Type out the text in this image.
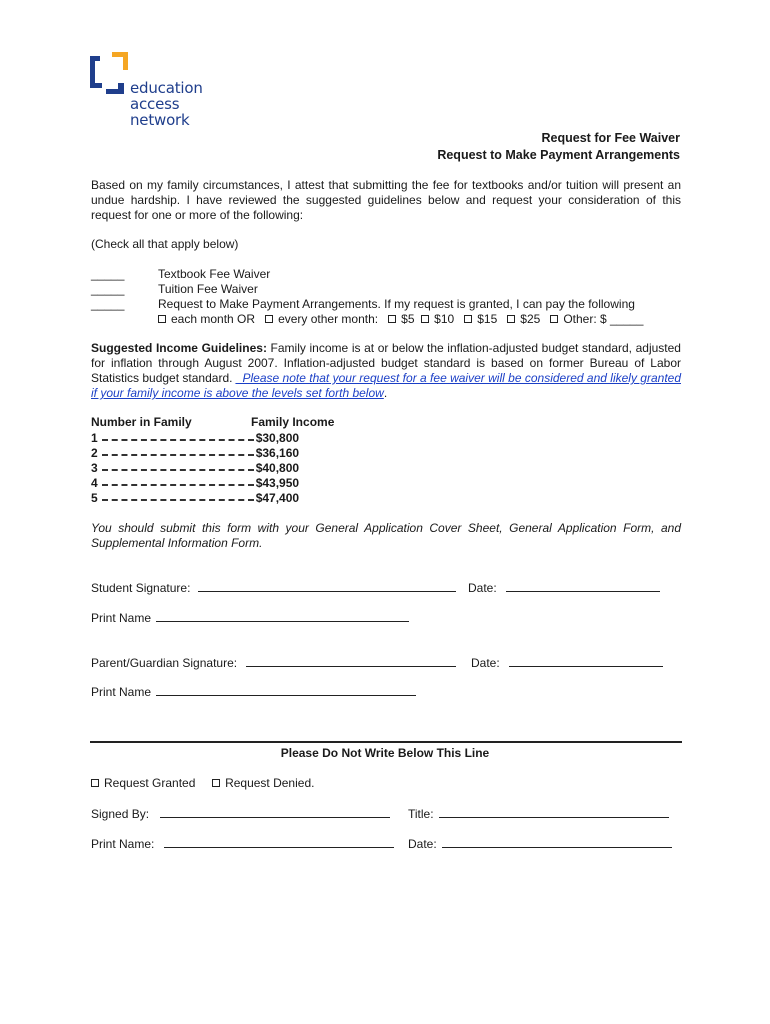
education
access
network
Request for Fee Waiver
Request to Make Payment Arrangements
Based on my family circumstances, I attest that submitting the fee for textbooks and/or tuition will present an undue hardship. I have reviewed the suggested guidelines below and request your consideration of this request for one or more of the following:
(Check all that apply below)
_____	Textbook Fee Waiver
_____	Tuition Fee Waiver
_____	Request to Make Payment Arrangements. If my request is granted, I can pay the following
each month OR every other month: $5 $10 $15 $25 Other: $ _____
Suggested Income Guidelines: Family income is at or below the inflation-adjusted budget standard, adjusted for inflation through August 2007. Inflation-adjusted budget standard is based on former Bureau of Labor Statistics budget standard. _Please note that your request for a fee waiver will be considered and likely granted if your family income is above the levels set forth below.
Number in Family	Family Income
1	$30,800
2	$36,160
3	$40,800
4	$43,950
5	$47,400
You should submit this form with your General Application Cover Sheet, General Application Form, and Supplemental Information Form.
Student Signature:	Date:
Print Name
Parent/Guardian Signature:	Date:
Print Name
Please Do Not Write Below This Line
Request Granted Request Denied.
Signed By:	Title:
Print Name:	Date:
